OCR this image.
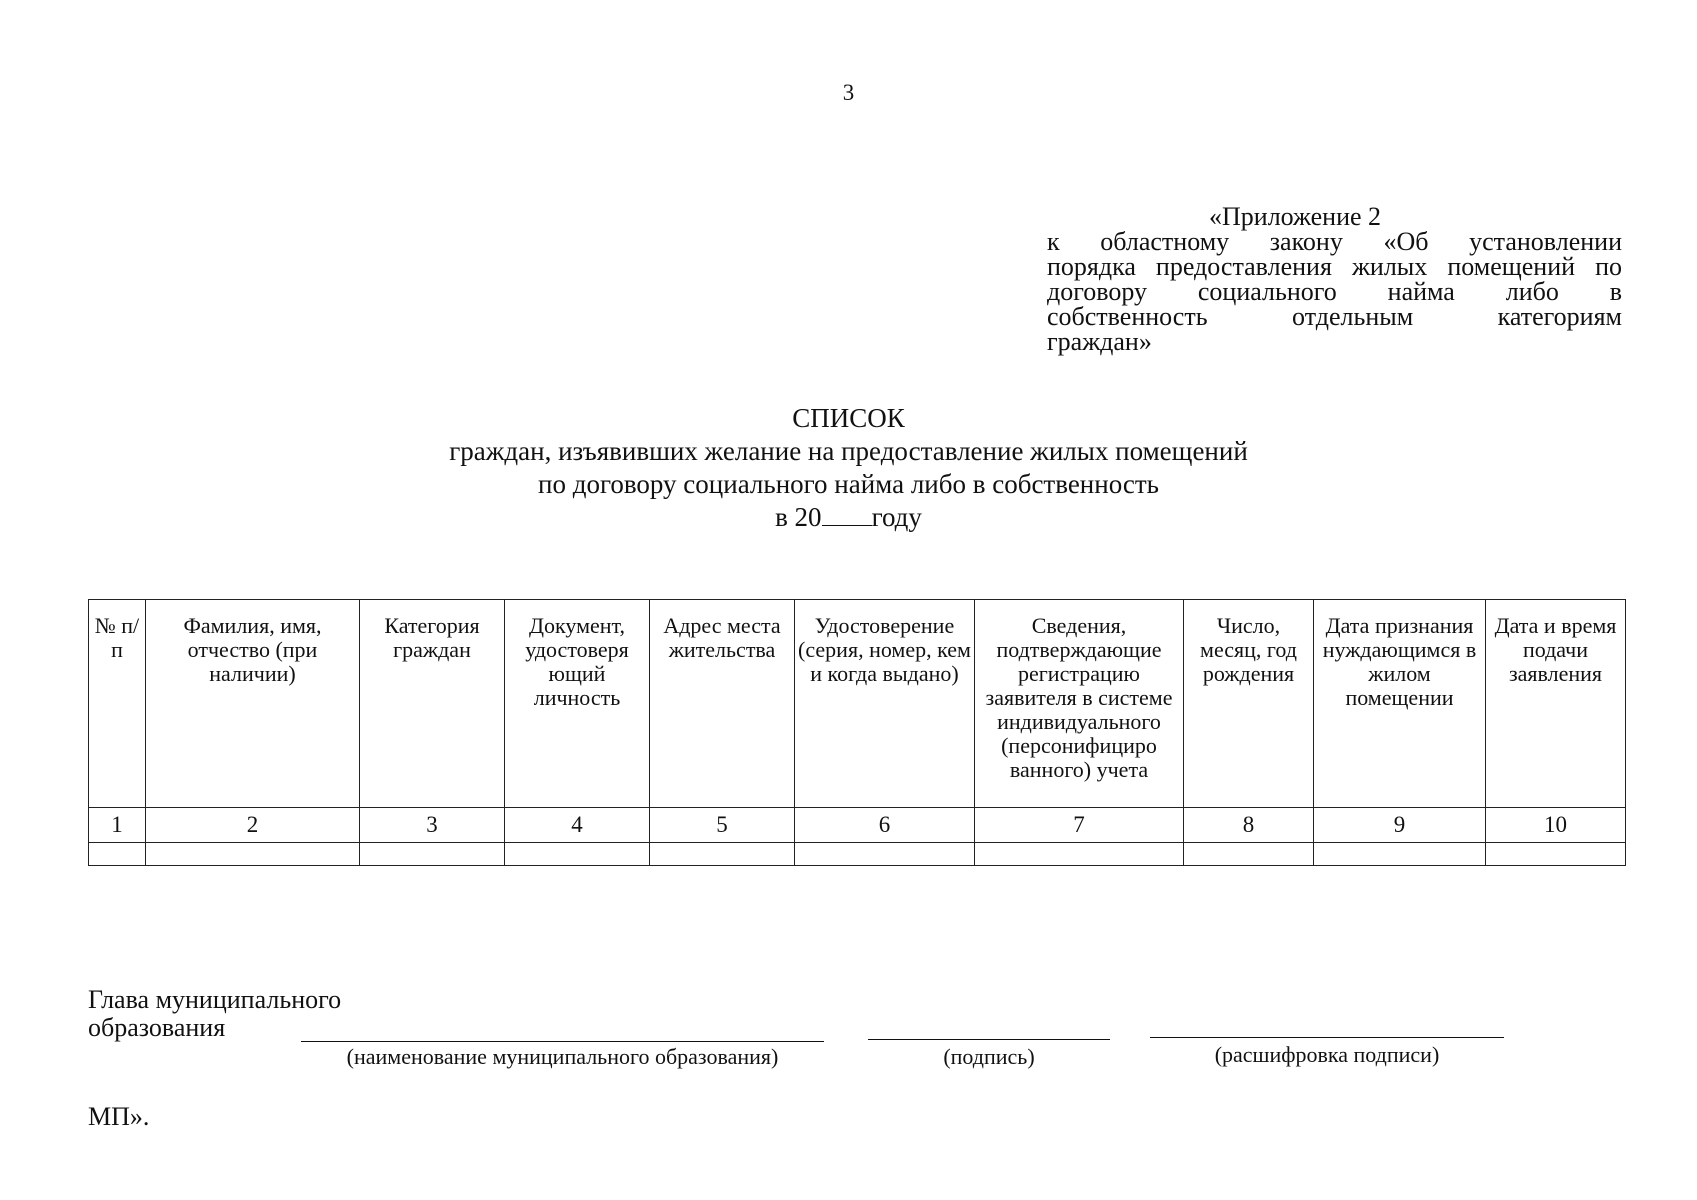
3
«Приложение 2
к областному закону «Об установлении
порядка предоставления жилых помещений по
договору социального найма либо в
собственность отдельным категориям
граждан»
СПИСОК
граждан, изъявивших желание на предоставление жилых помещений
по договору социального найма либо в собственность
в 20 году
№ п/п	Фамилия, имя, отчество (при наличии)	Категория граждан	Документ, удостоверя ющий личность	Адрес места жительства	Удостоверение (серия, номер, кем и когда выдано)	Сведения, подтверждающие регистрацию заявителя в системе индивидуального (персонифициро ванного) учета	Число, месяц, год рождения	Дата признания нуждающимся в жилом помещении	Дата и время подачи заявления
1	2	3	4	5	6	7	8	9	10

Глава муниципального
образования
(наименование муниципального образования)	(подпись)	(расшифровка подписи)
МП».
